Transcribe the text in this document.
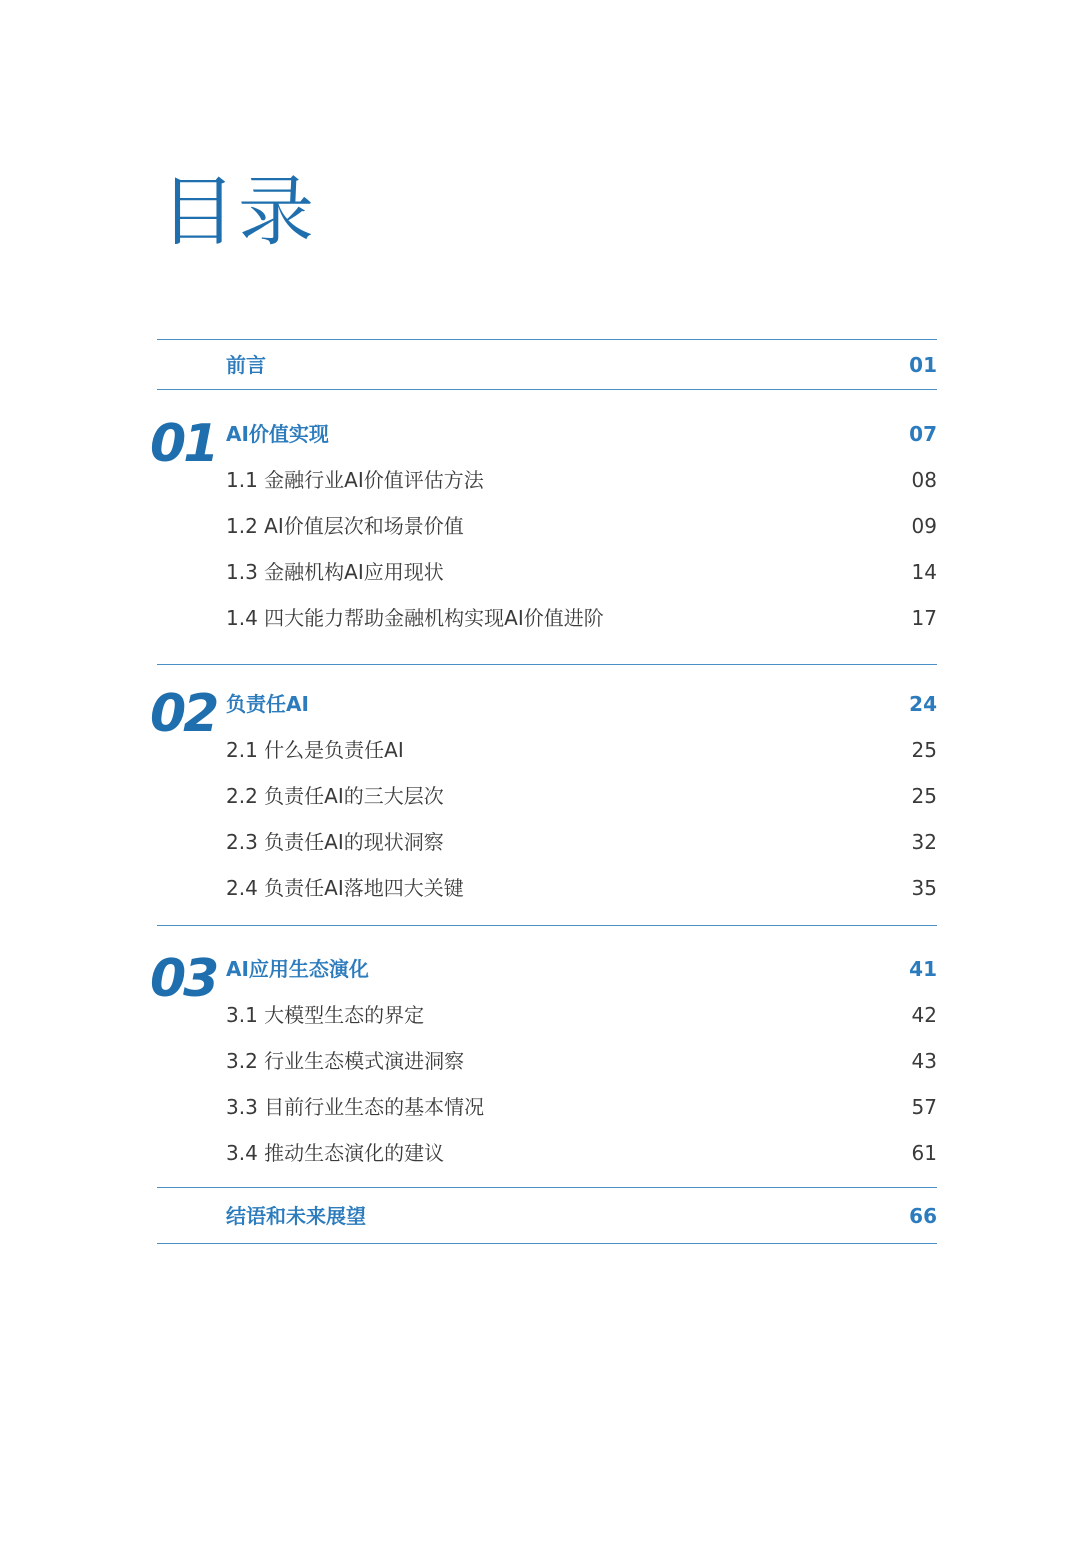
目录
前言	01
01 AI价值实现	07
1.1 金融行业AI价值评估方法	08
1.2 AI价值层次和场景价值	09
1.3 金融机构AI应用现状	14
1.4 四大能力帮助金融机构实现AI价值进阶	17
02 负责任AI	24
2.1 什么是负责任AI	25
2.2 负责任AI的三大层次	25
2.3 负责任AI的现状洞察	32
2.4 负责任AI落地四大关键	35
03 AI应用生态演化	41
3.1 大模型生态的界定	42
3.2 行业生态模式演进洞察	43
3.3 目前行业生态的基本情况	57
3.4 推动生态演化的建议	61
结语和未来展望	66
